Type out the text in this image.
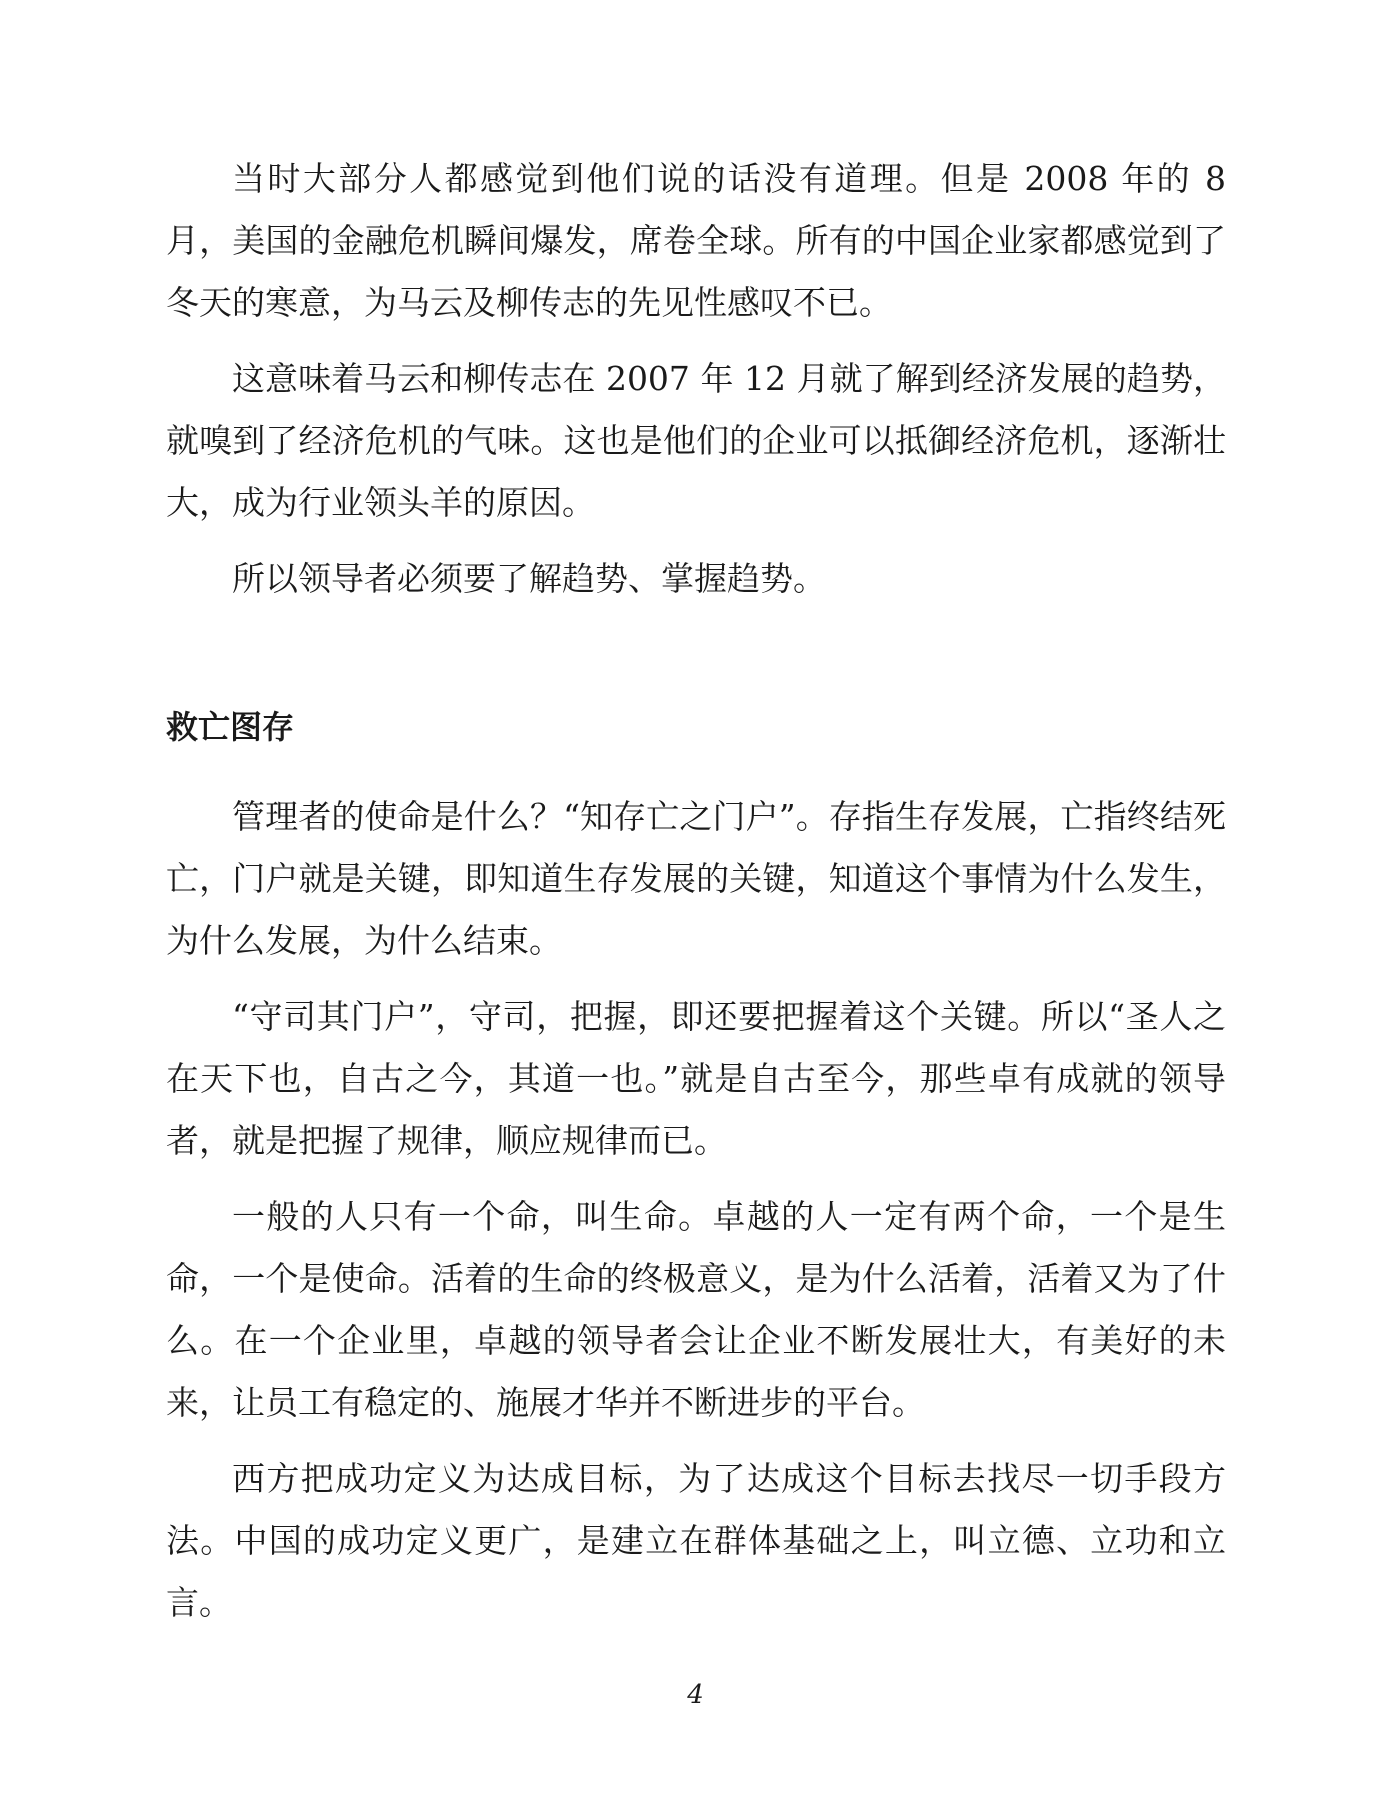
当时大部分人都感觉到他们说的话没有道理。但是 2008 年的 8 月，美国的金融危机瞬间爆发，席卷全球。所有的中国企业家都感觉到了冬天的寒意，为马云及柳传志的先见性感叹不已。

这意味着马云和柳传志在 2007 年 12 月就了解到经济发展的趋势，就嗅到了经济危机的气味。这也是他们的企业可以抵御经济危机，逐渐壮大，成为行业领头羊的原因。

所以领导者必须要了解趋势、掌握趋势。

救亡图存

管理者的使命是什么？“知存亡之门户”。存指生存发展，亡指终结死亡，门户就是关键，即知道生存发展的关键，知道这个事情为什么发生，为什么发展，为什么结束。

“守司其门户”，守司，把握，即还要把握着这个关键。所以“圣人之在天下也，自古之今，其道一也。”就是自古至今，那些卓有成就的领导者，就是把握了规律，顺应规律而已。

一般的人只有一个命，叫生命。卓越的人一定有两个命，一个是生命，一个是使命。活着的生命的终极意义，是为什么活着，活着又为了什么。在一个企业里，卓越的领导者会让企业不断发展壮大，有美好的未来，让员工有稳定的、施展才华并不断进步的平台。

西方把成功定义为达成目标，为了达成这个目标去找尽一切手段方法。中国的成功定义更广，是建立在群体基础之上，叫立德、立功和立言。

4
